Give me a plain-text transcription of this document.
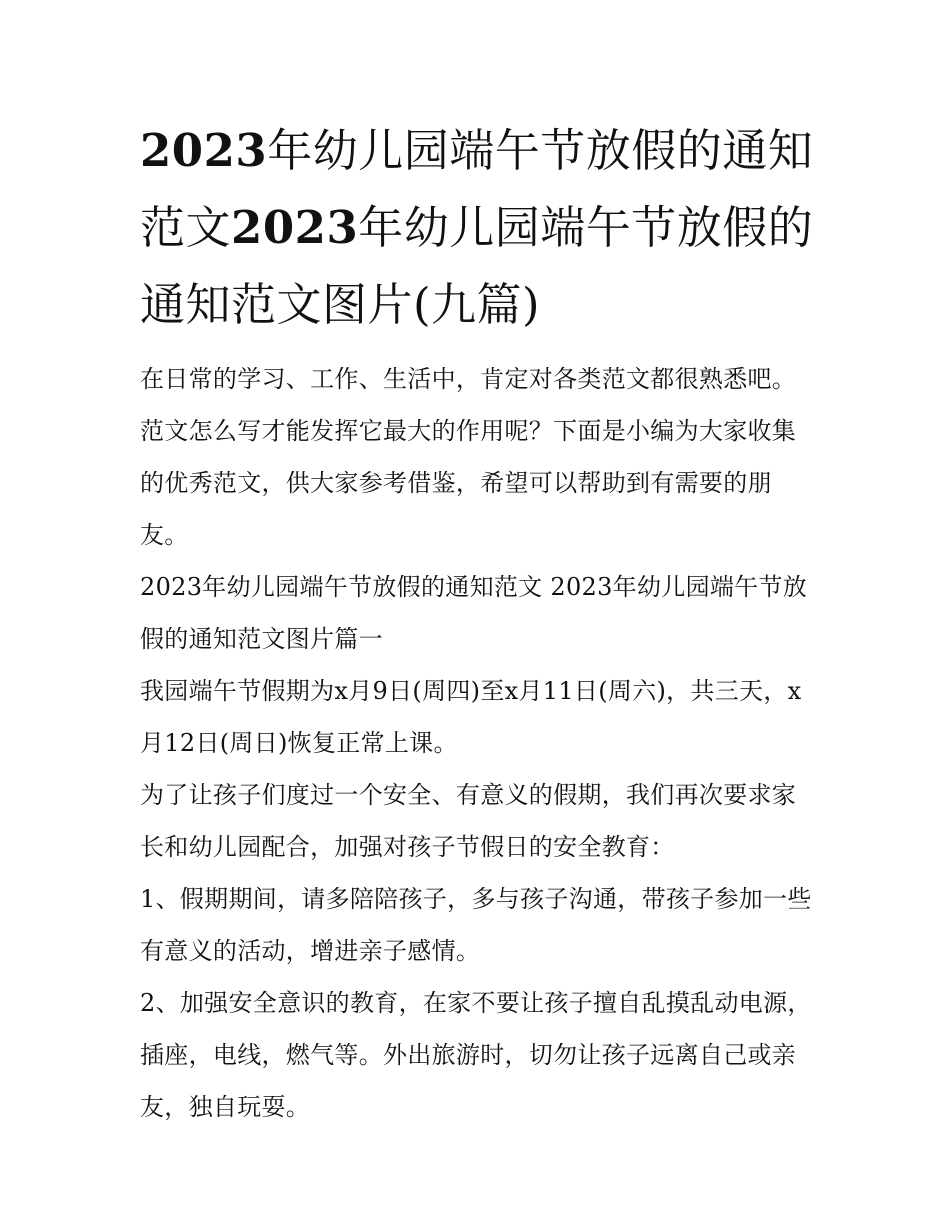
2023年幼儿园端午节放假的通知范文2023年幼儿园端午节放假的通知范文图片(九篇)

在日常的学习、工作、生活中，肯定对各类范文都很熟悉吧。范文怎么写才能发挥它最大的作用呢？下面是小编为大家收集的优秀范文，供大家参考借鉴，希望可以帮助到有需要的朋友。

2023年幼儿园端午节放假的通知范文 2023年幼儿园端午节放假的通知范文图片篇一

我园端午节假期为x月9日(周四)至x月11日(周六)，共三天，x月12日(周日)恢复正常上课。

为了让孩子们度过一个安全、有意义的假期，我们再次要求家长和幼儿园配合，加强对孩子节假日的安全教育：

1、假期期间，请多陪陪孩子，多与孩子沟通，带孩子参加一些有意义的活动，增进亲子感情。

2、加强安全意识的教育，在家不要让孩子擅自乱摸乱动电源，插座，电线，燃气等。外出旅游时，切勿让孩子远离自己或亲友，独自玩耍。
